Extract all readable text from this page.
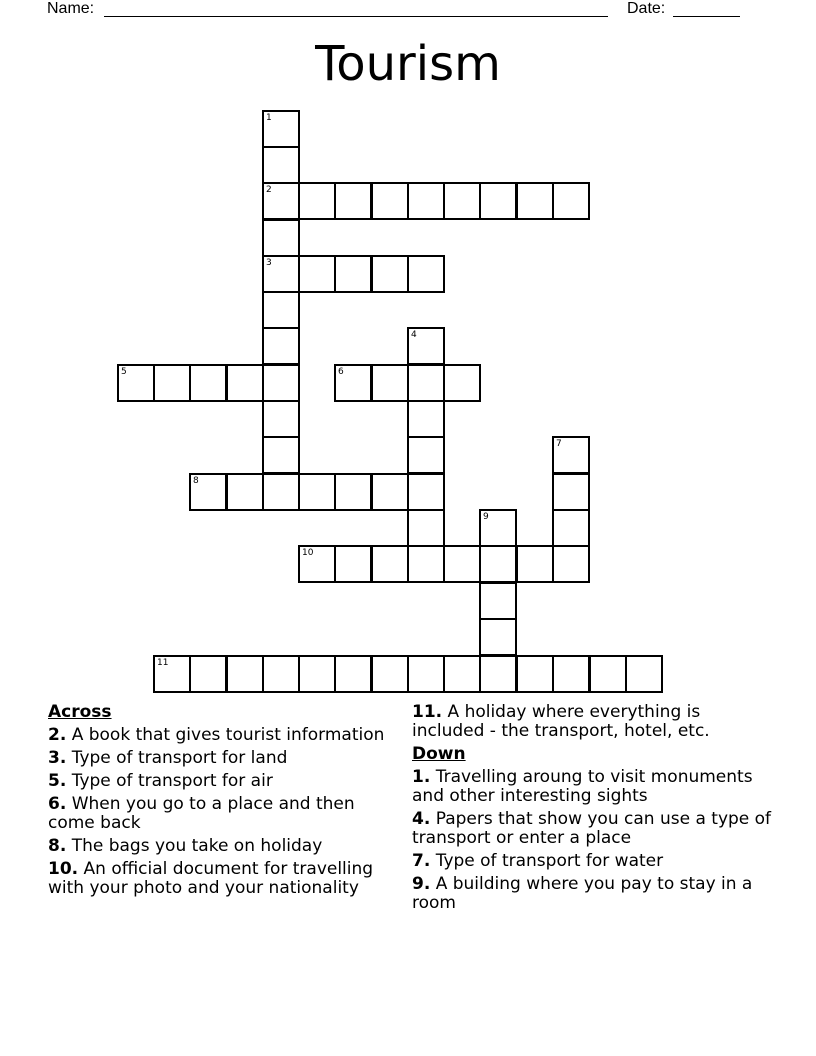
Name:	Date:
Tourism
1
2
3
4
5	6
7
8
9
10
11
Across
2. A book that gives tourist information
3. Type of transport for land
5. Type of transport for air
6. When you go to a place and then come back
8. The bags you take on holiday
10. An official document for travelling with your photo and your nationality
11. A holiday where everything is included - the transport, hotel, etc.
Down
1. Travelling aroung to visit monuments and other interesting sights
4. Papers that show you can use a type of transport or enter a place
7. Type of transport for water
9. A building where you pay to stay in a room
